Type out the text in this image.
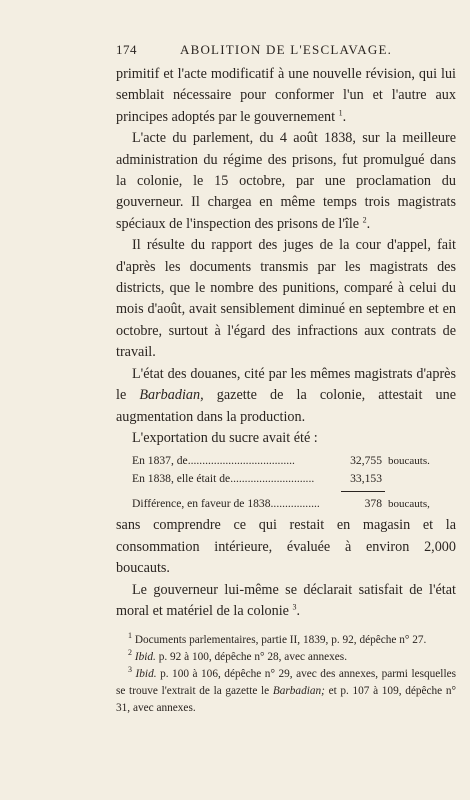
174	ABOLITION DE L'ESCLAVAGE.

primitif et l'acte modificatif à une nouvelle révision, qui lui semblait nécessaire pour conformer l'un et l'autre aux principes adoptés par le gouvernement $^1$.

L'acte du parlement, du 4 août 1838, sur la meilleure administration du régime des prisons, fut promulgué dans la colonie, le 15 octobre, par une proclamation du gouverneur. Il chargea en même temps trois magistrats spéciaux de l'inspection des prisons de l'île $^2$.

Il résulte du rapport des juges de la cour d'appel, fait d'après les documents transmis par les magistrats des districts, que le nombre des punitions, comparé à celui du mois d'août, avait sensiblement diminué en septembre et en octobre, surtout à l'égard des infractions aux contrats de travail.

L'état des douanes, cité par les mêmes magistrats d'après le Barbadian, gazette de la colonie, attestait une augmentation dans la production.

L'exportation du sucre avait été :

En 1837, de.....................................	32,755 boucauts.
En 1838, elle était de.............................	33,153
Différence, en faveur de 1838.................	378 boucauts,

sans comprendre ce qui restait en magasin et la consommation intérieure, évaluée à environ 2,000 boucauts.

Le gouverneur lui-même se déclarait satisfait de l'état moral et matériel de la colonie $^3$.

$^1$ Documents parlementaires, partie II, 1839, p. 92, dépêche n° 27.
$^2$ Ibid. p. 92 à 100, dépêche n° 28, avec annexes.
$^3$ Ibid. p. 100 à 106, dépêche n° 29, avec des annexes, parmi lesquelles se trouve l'extrait de la gazette le Barbadian; et p. 107 à 109, dépêche n° 31, avec annexes.
